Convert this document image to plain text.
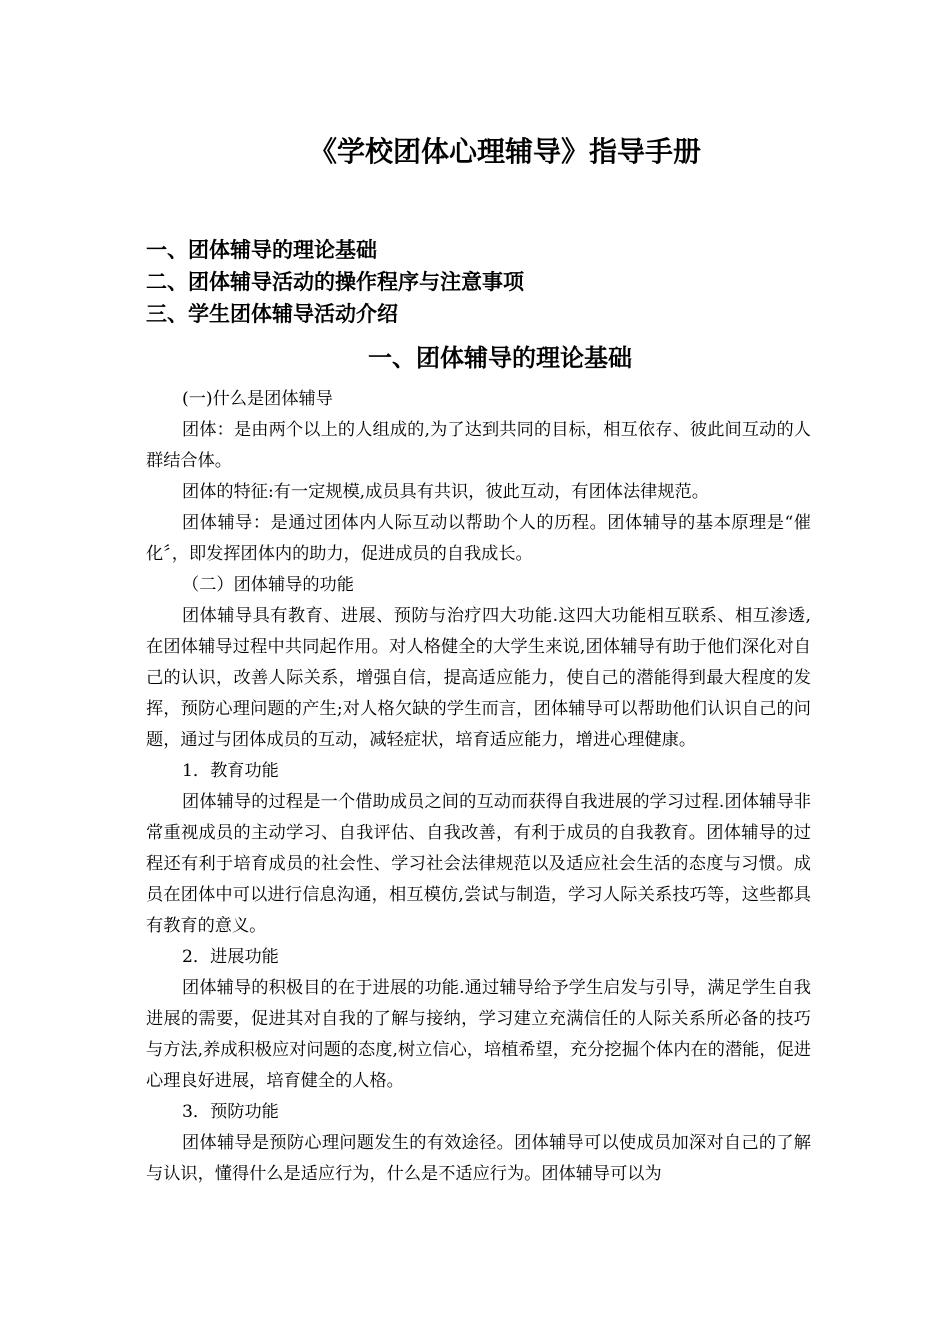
《学校团体心理辅导》指导手册
一、团体辅导的理论基础
二、团体辅导活动的操作程序与注意事项
三、学生团体辅导活动介绍
一、团体辅导的理论基础
(一)什么是团体辅导

团体：是由两个以上的人组成的,为了达到共同的目标，相互依存、彼此间互动的人群结合体。

团体的特征:有一定规模,成员具有共识，彼此互动，有团体法律规范。

团体辅导：是通过团体内人际互动以帮助个人的历程。团体辅导的基本原理是“催化〞，即发挥团体内的助力，促进成员的自我成长。

（二）团体辅导的功能

团体辅导具有教育、进展、预防与治疗四大功能.这四大功能相互联系、相互渗透,在团体辅导过程中共同起作用。对人格健全的大学生来说,团体辅导有助于他们深化对自己的认识，改善人际关系，增强自信，提高适应能力，使自己的潜能得到最大程度的发挥，预防心理问题的产生;对人格欠缺的学生而言，团体辅导可以帮助他们认识自己的问题，通过与团体成员的互动，减轻症状，培育适应能力，增进心理健康。

1．教育功能

团体辅导的过程是一个借助成员之间的互动而获得自我进展的学习过程.团体辅导非常重视成员的主动学习、自我评估、自我改善，有利于成员的自我教育。团体辅导的过程还有利于培育成员的社会性、学习社会法律规范以及适应社会生活的态度与习惯。成员在团体中可以进行信息沟通，相互模仿,尝试与制造，学习人际关系技巧等，这些都具有教育的意义。

2．进展功能

团体辅导的积极目的在于进展的功能.通过辅导给予学生启发与引导，满足学生自我进展的需要，促进其对自我的了解与接纳，学习建立充满信任的人际关系所必备的技巧与方法,养成积极应对问题的态度,树立信心，培植希望，充分挖掘个体内在的潜能，促进心理良好进展，培育健全的人格。

3．预防功能

团体辅导是预防心理问题发生的有效途径。团体辅导可以使成员加深对自己的了解与认识，懂得什么是适应行为，什么是不适应行为。团体辅导可以为
